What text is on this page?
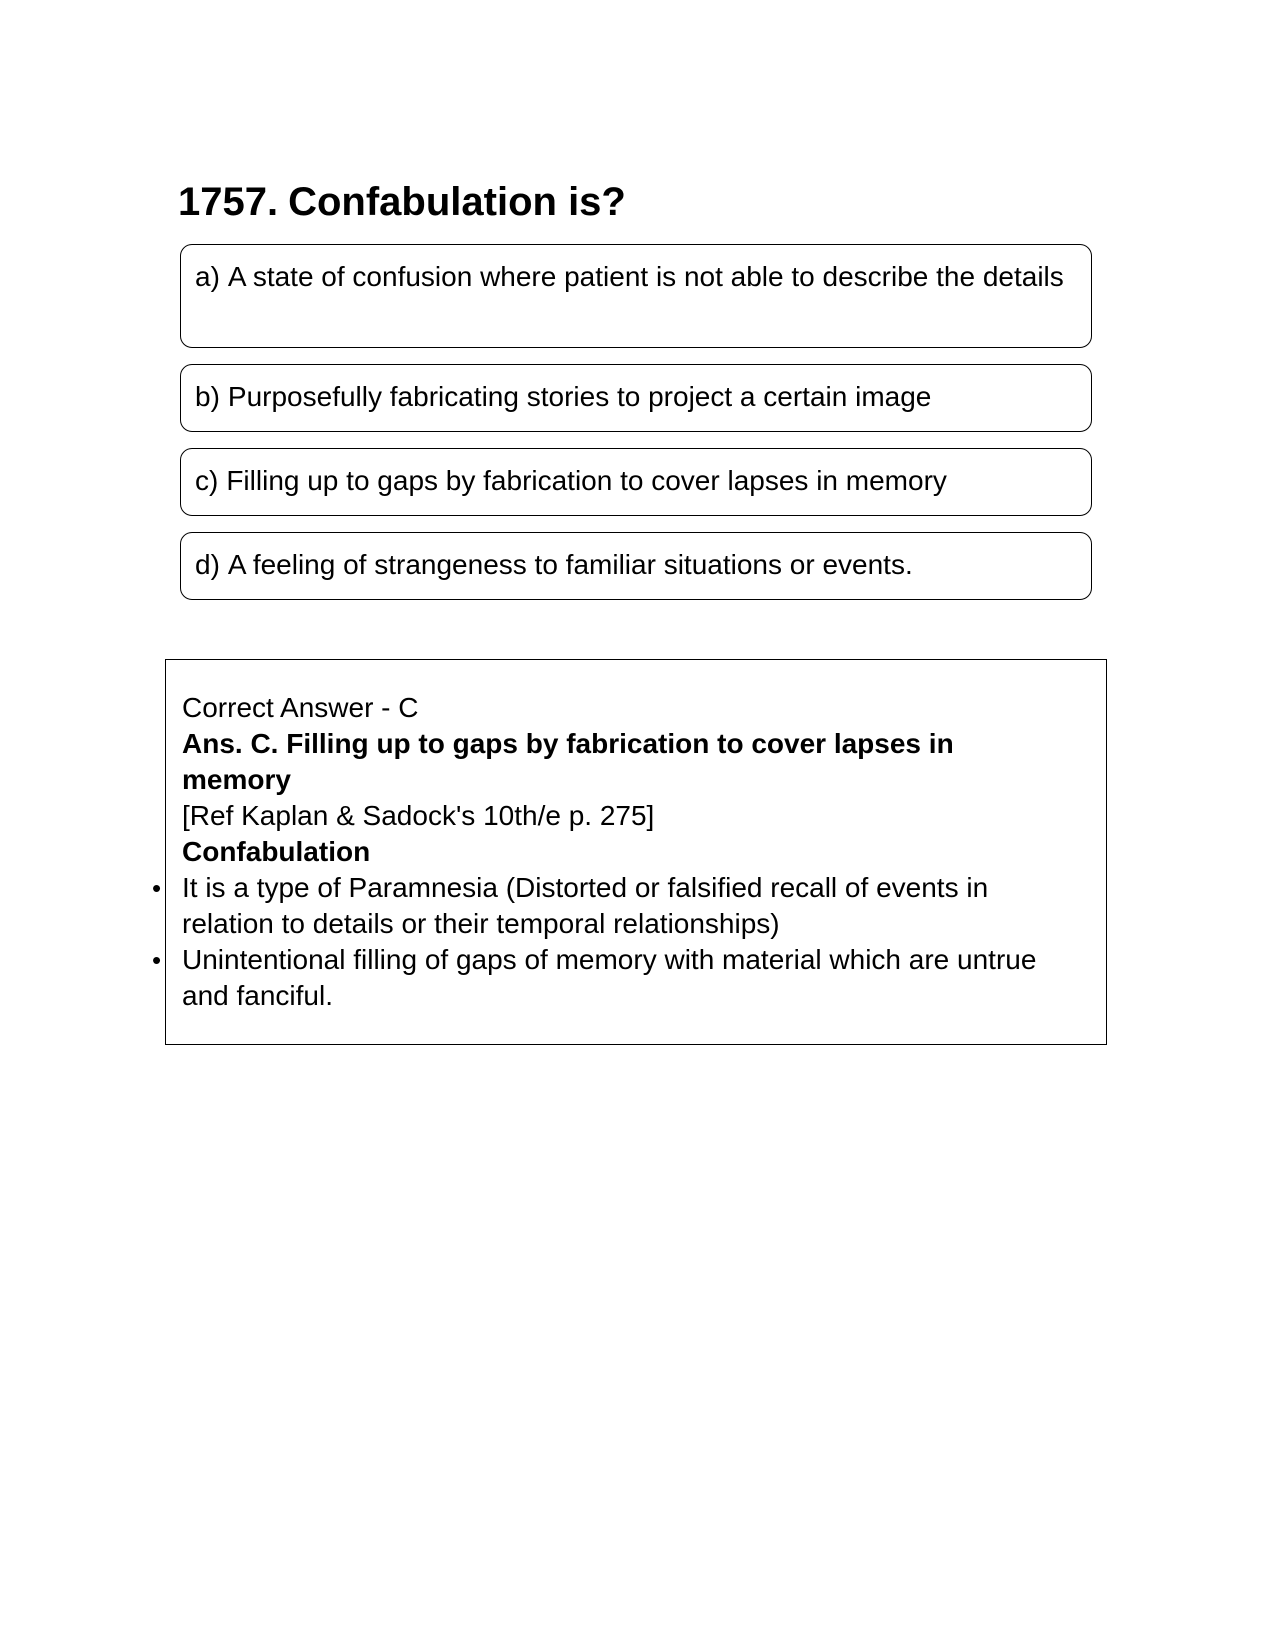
1757. Confabulation is?
a) A state of confusion where patient is not able to describe the details
b) Purposefully fabricating stories to project a certain image
c) Filling up to gaps by fabrication to cover lapses in memory
d) A feeling of strangeness to familiar situations or events.

Correct Answer - C

Ans. C. Filling up to gaps by fabrication to cover lapses in memory

[Ref Kaplan & Sadock's 10th/e p. 275]

Confabulation

• It is a type of Paramnesia (Distorted or falsified recall of events in relation to details or their temporal relationships)
• Unintentional filling of gaps of memory with material which are untrue and fanciful.
